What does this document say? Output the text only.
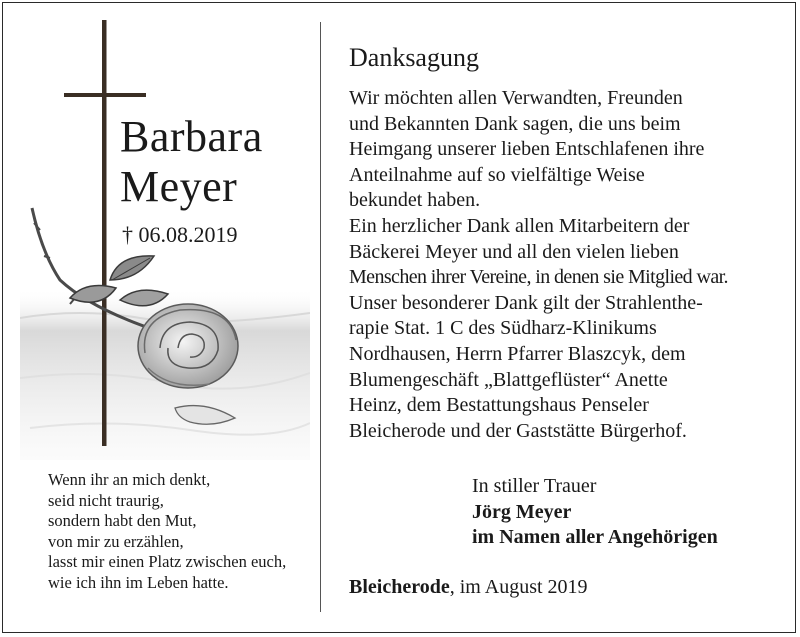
Barbara
Meyer
† 06.08.2019
Wenn ihr an mich denkt,
seid nicht traurig,
sondern habt den Mut,
von mir zu erzählen,
lasst mir einen Platz zwischen euch,
wie ich ihn im Leben hatte.
Danksagung
Wir möchten allen Verwandten, Freunden
und Bekannten Dank sagen, die uns beim
Heimgang unserer lieben Entschlafenen ihre
Anteilnahme auf so vielfältige Weise
bekundet haben.
Ein herzlicher Dank allen Mitarbeitern der
Bäckerei Meyer und all den vielen lieben
Menschen ihrer Vereine, in denen sie Mitglied war.
Unser besonderer Dank gilt der Strahlenthe-
rapie Stat. 1 C des Südharz-Klinikums
Nordhausen, Herrn Pfarrer Blaszcyk, dem
Blumengeschäft „Blattgeflüster“ Anette
Heinz, dem Bestattungshaus Penseler
Bleicherode und der Gaststätte Bürgerhof.
In stiller Trauer
Jörg Meyer
im Namen aller Angehörigen
Bleicherode, im August 2019
